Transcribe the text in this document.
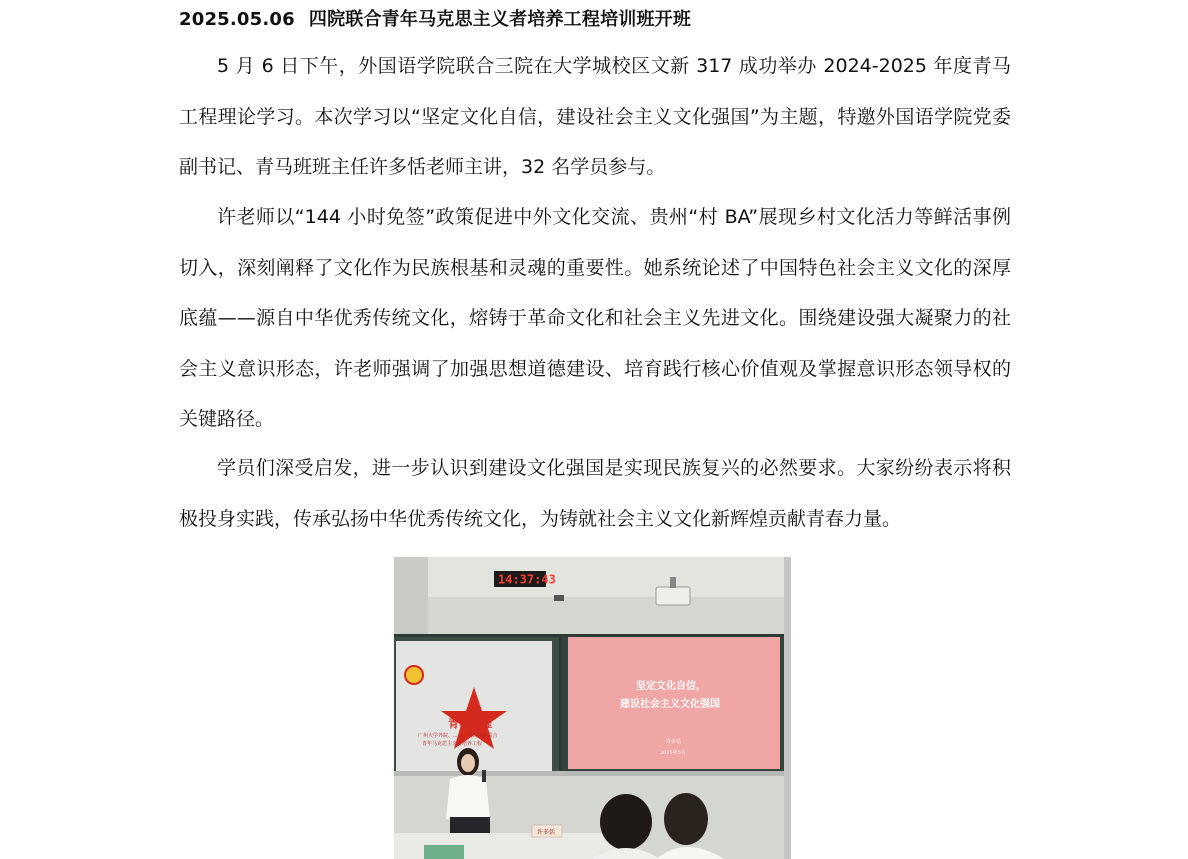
2025.05.06 四院联合青年马克思主义者培养工程培训班开班

5 月 6 日下午，外国语学院联合三院在大学城校区文新 317 成功举办 2024-2025 年度青马工程理论学习。本次学习以“坚定文化自信，建设社会主义文化强国”为主题，特邀外国语学院党委副书记、青马班班主任许多恬老师主讲，32 名学员参与。

许老师以“144 小时免签”政策促进中外文化交流、贵州“村 BA”展现乡村文化活力等鲜活事例切入，深刻阐释了文化作为民族根基和灵魂的重要性。她系统论述了中国特色社会主义文化的深厚底蕴——源自中华优秀传统文化，熔铸于革命文化和社会主义先进文化。围绕建设强大凝聚力的社会主义意识形态，许老师强调了加强思想道德建设、培育践行核心价值观及掌握意识形态领导权的关键路径。

学员们深受启发，进一步认识到建设文化强国是实现民族复兴的必然要求。大家纷纷表示将积极投身实践，传承弘扬中华优秀传统文化，为铸就社会主义文化新辉煌贡献青春力量。

14:37:43
青马工程
广州大学外院、......、马院四院联合
青年马克思主义者培养工程
坚定文化自信，
建设社会主义文化强国
许多恬
2025年5月
许多恬
